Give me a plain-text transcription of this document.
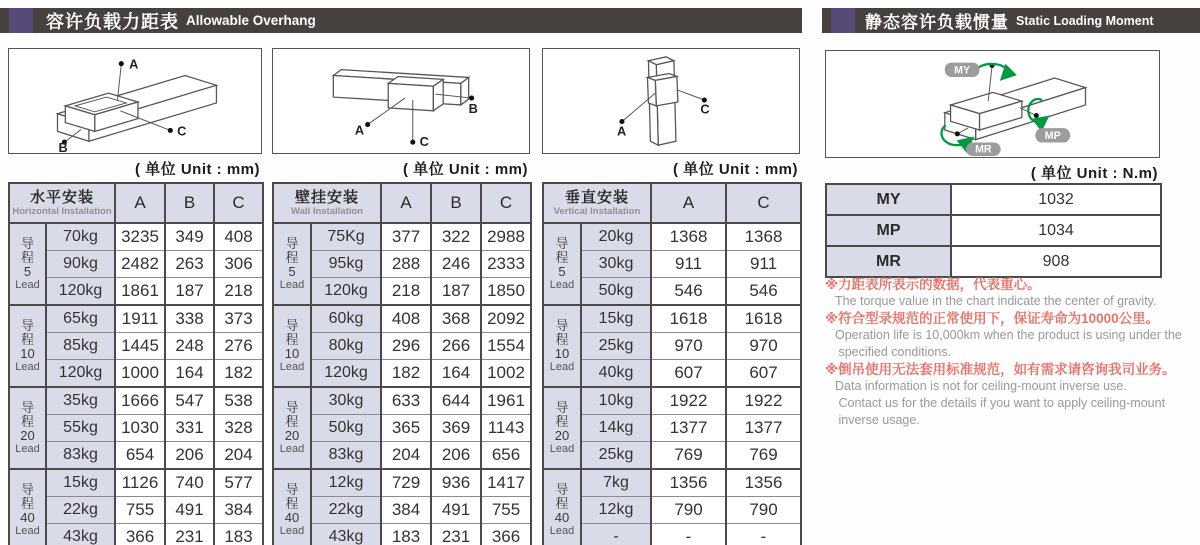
容许负载力距表 Allowable Overhang	静态容许负载惯量 Static Loading Moment
A
B
C	A
C
B
A
C
MY
MP
MR
( 单位 Unit : mm)	( 单位 Unit : mm)	( 单位 Unit : mm)	( 单位 Unit : N.m)
水平安装
Horizontal Installation		A	B	C

导
程
5
Lead	70kg	3235	349	408
	90kg	2482	263	306
	120kg	1861	187	218

导
程
10
Lead	65kg	1911	338	373
	85kg	1445	248	276
	120kg	1000	164	182

导
程
20
Lead	35kg	1666	547	538
	55kg	1030	331	328
	83kg	654	206	204

导
程
40
Lead	15kg	1126	740	577
	22kg	755	491	384
	43kg	366	231	183
壁挂安装
Wall Installation		A	B	C

导
程
5
Lead	75Kg	377	322	2988
	95kg	288	246	2333
	120kg	218	187	1850

导
程
10
Lead	60kg	408	368	2092
	80kg	296	266	1554
	120kg	182	164	1002

导
程
20
Lead	30kg	633	644	1961
	50kg	365	369	1143
	83kg	204	206	656

导
程
40
Lead	12kg	729	936	1417
	22kg	384	491	755
	43kg	183	231	366
垂直安装
Vertical Installation		A	C

导
程
5
Lead	20kg	1368	1368
	30kg	911	911
	50kg	546	546

导
程
10
Lead	15kg	1618	1618
	25kg	970	970
	40kg	607	607

导
程
20
Lead	10kg	1922	1922
	14kg	1377	1377
	25kg	769	769

导
程
40
Lead	7kg	1356	1356
	12kg	790	790
	-	-	-
MY	1032
MP	1034
MR	908
※力距表所表示的数据，代表重心。
The torque value in the chart indicate the center of gravity.
※符合型录规范的正常使用下，保证寿命为10000公里。
Operation life is 10,000km when the product is using under the
specified conditions.
※倒吊使用无法套用标准规范，如有需求请咨询我司业务。
Data information is not for ceiling-mount inverse use.
Contact us for the details if you want to apply ceiling-mount
inverse usage.
